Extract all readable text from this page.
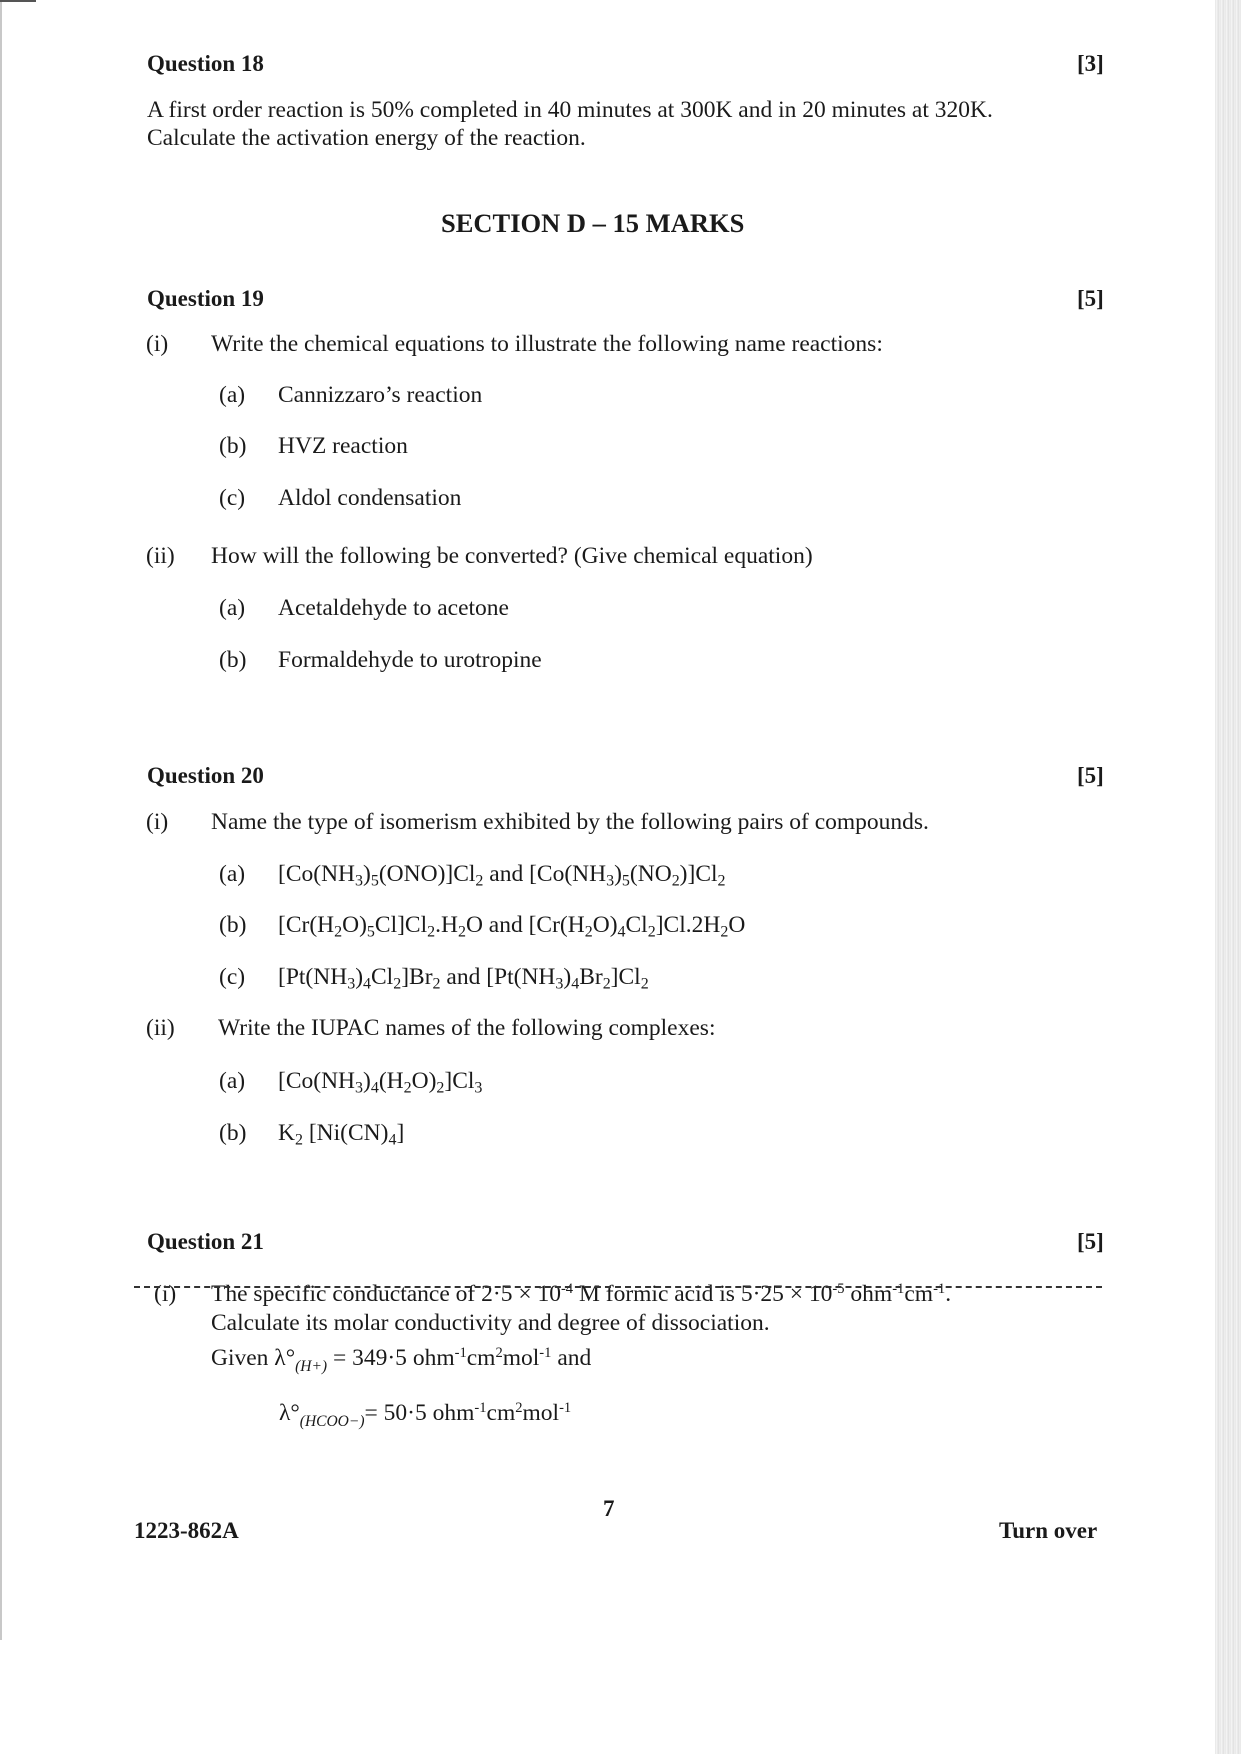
Question 18	[3]
A first order reaction is 50% completed in 40 minutes at 300K and in 20 minutes at 320K.
Calculate the activation energy of the reaction.
SECTION D – 15 MARKS
Question 19	[5]
(i) Write the chemical equations to illustrate the following name reactions:
(a) Cannizzaro’s reaction
(b) HVZ reaction
(c) Aldol condensation
(ii) How will the following be converted? (Give chemical equation)
(a) Acetaldehyde to acetone
(b) Formaldehyde to urotropine
Question 20	[5]
(i) Name the type of isomerism exhibited by the following pairs of compounds.
(a) $[Co(NH_3)_5(ONO)]Cl_2$ and $[Co(NH_3)_5(NO_2)]Cl_2$
(b) $[Cr(H_2O)_5Cl]Cl_2.H_2O$ and $[Cr(H_2O)_4Cl_2]Cl.2H_2O$
(c) $[Pt(NH_3)_4Cl_2]Br_2$ and $[Pt(NH_3)_4Br_2]Cl_2$
(ii) Write the IUPAC names of the following complexes:
(a) $[Co(NH_3)_4(H_2O)_2]Cl_3$
(b) $K_2$ $[Ni(CN)_4]$
Question 21	[5]
(i) The specific conductance of $2\cdot 5 \times 10^{-4}$ M formic acid is $5\cdot 25 \times 10^{-5}$ $ohm^{-1}cm^{-1}$.
Calculate its molar conductivity and degree of dissociation.
Given $\lambda^\circ_{(H+)} = 349\cdot 5$ $ohm^{-1}cm^2mol^{-1}$ and
$\lambda^\circ_{(HCOO-)}= 50\cdot 5$ $ohm^{-1}cm^2mol^{-1}$
7
1223-862A	Turn over
